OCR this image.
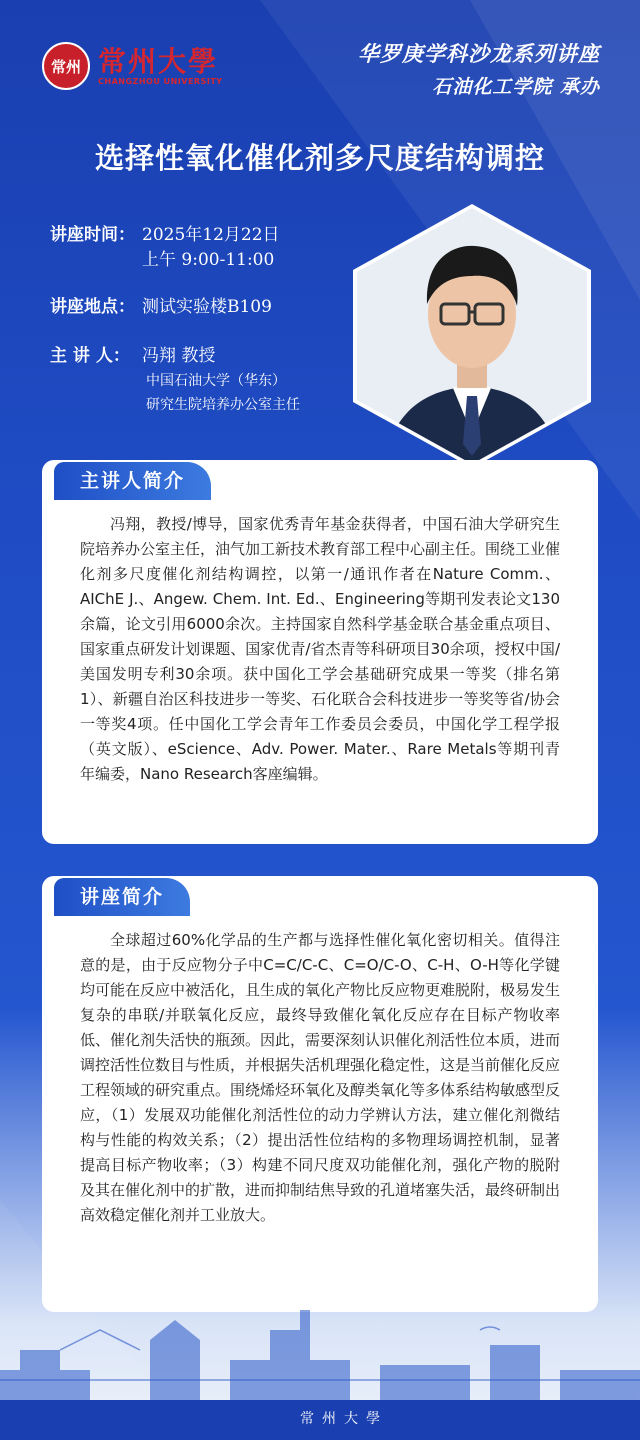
常州 常州大學
CHANGZHOU UNIVERSITY
华罗庚学科沙龙系列讲座
石油化工学院 承办
选择性氧化催化剂多尺度结构调控
讲座时间： 2025年12月22日
上午 9:00-11:00
讲座地点： 测试实验楼B109
主 讲 人： 冯翔 教授
中国石油大学（华东）
研究生院培养办公室主任

冯翔，教授/博导，国家优秀青年基金获得者，中国石油大学研究生院培养办公室主任，油气加工新技术教育部工程中心副主任。围绕工业催化剂多尺度催化剂结构调控，以第一/通讯作者在Nature Comm.、AIChE J.、Angew. Chem. Int. Ed.、Engineering等期刊发表论文130余篇，论文引用6000余次。主持国家自然科学基金联合基金重点项目、国家重点研发计划课题、国家优青/省杰青等科研项目30余项，授权中国/美国发明专利30余项。获中国化工学会基础研究成果一等奖（排名第1）、新疆自治区科技进步一等奖、石化联合会科技进步一等奖等省/协会一等奖4项。任中国化工学会青年工作委员会委员，中国化学工程学报（英文版）、eScience、Adv. Power. Mater.、Rare Metals等期刊青年编委，Nano Research客座编辑。

主讲人简介

全球超过60%化学品的生产都与选择性催化氧化密切相关。值得注意的是，由于反应物分子中C=C/C-C、C=O/C-O、C-H、O-H等化学键均可能在反应中被活化，且生成的氧化产物比反应物更难脱附，极易发生复杂的串联/并联氧化反应，最终导致催化氧化反应存在目标产物收率低、催化剂失活快的瓶颈。因此，需要深刻认识催化剂活性位本质，进而调控活性位数目与性质，并根据失活机理强化稳定性，这是当前催化反应工程领域的研究重点。围绕烯烃环氧化及醇类氧化等多体系结构敏感型反应，（1）发展双功能催化剂活性位的动力学辨认方法，建立催化剂微结构与性能的构效关系；（2）提出活性位结构的多物理场调控机制，显著提高目标产物收率；（3）构建不同尺度双功能催化剂，强化产物的脱附及其在催化剂中的扩散，进而抑制结焦导致的孔道堵塞失活，最终研制出高效稳定催化剂并工业放大。

讲座简介
常州大學
